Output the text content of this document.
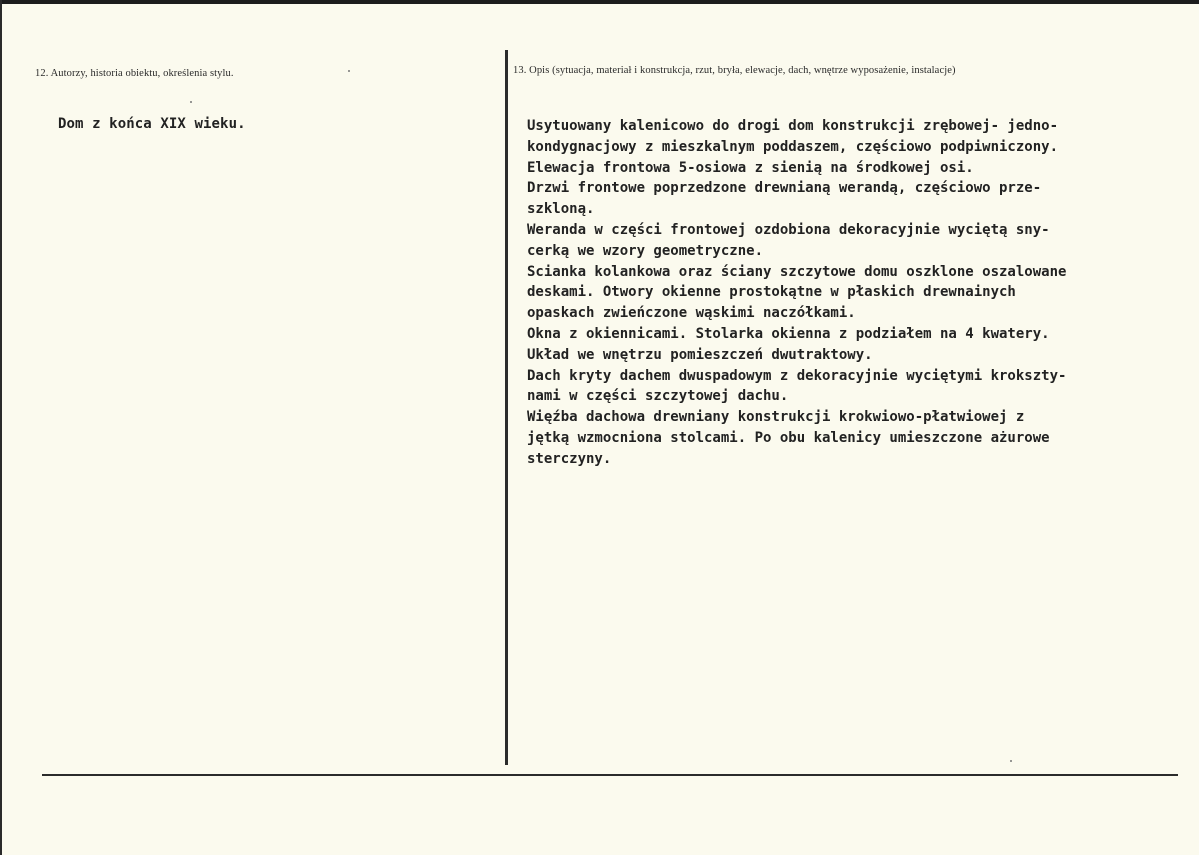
12. Autorzy, historia obiektu, określenia stylu.
Dom z końca XIX wieku.
13. Opis (sytuacja, materiał i konstrukcja, rzut, bryła, elewacje, dach, wnętrze wyposażenie, instalacje)
Usytuowany kalenicowo do drogi dom konstrukcji zrębowej- jedno-
kondygnacjowy z mieszkalnym poddaszem, częściowo podpiwniczony.
Elewacja frontowa 5-osiowa z sienią na środkowej osi.
Drzwi frontowe poprzedzone drewnianą werandą, częściowo prze-
szkloną.
Weranda w części frontowej ozdobiona dekoracyjnie wyciętą sny-
cerką we wzory geometryczne.
Scianka kolankowa oraz ściany szczytowe domu oszklone oszalowane
deskami. Otwory okienne prostokątne w płaskich drewnainych
opaskach zwieńczone wąskimi naczółkami.
Okna z okiennicami. Stolarka okienna z podziałem na 4 kwatery.
Układ we wnętrzu pomieszczeń dwutraktowy.
Dach kryty dachem dwuspadowym z dekoracyjnie wyciętymi krokszty-
nami w części szczytowej dachu.
Więźba dachowa drewniany konstrukcji krokwiowo-płatwiowej z
jętką wzmocniona stolcami. Po obu kalenicy umieszczone ażurowe
sterczyny.
